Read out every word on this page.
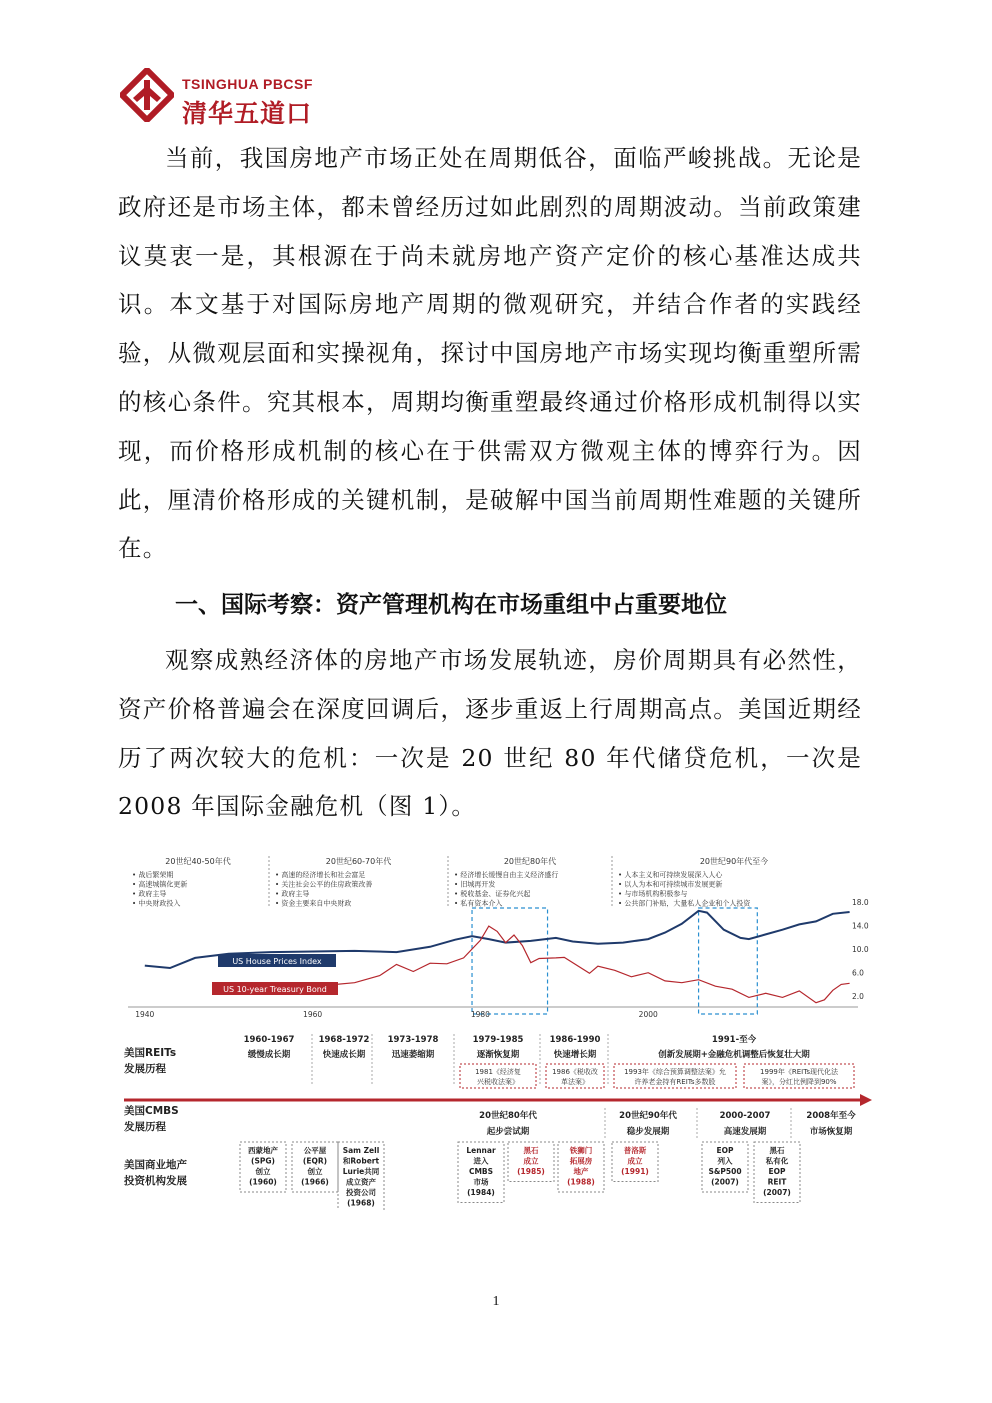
TSINGHUA PBCSF
清华五道口

当前，我国房地产市场正处在周期低谷，面临严峻挑战。无论是政府还是市场主体，都未曾经历过如此剧烈的周期波动。当前政策建议莫衷一是，其根源在于尚未就房地产资产定价的核心基准达成共识。本文基于对国际房地产周期的微观研究，并结合作者的实践经验，从微观层面和实操视角，探讨中国房地产市场实现均衡重塑所需的核心条件。究其根本，周期均衡重塑最终通过价格形成机制得以实现，而价格形成机制的核心在于供需双方微观主体的博弈行为。因此，厘清价格形成的关键机制，是破解中国当前周期性难题的关键所在。

一、国际考察：资产管理机构在市场重组中占重要地位

观察成熟经济体的房地产市场发展轨迹，房价周期具有必然性，资产价格普遍会在深度回调后，逐步重返上行周期高点。美国近期经历了两次较大的危机：一次是 20 世纪 80 年代储贷危机，一次是 2008 年国际金融危机（图 1）。

20世纪40-50年代
• 战后繁荣期
• 高速城镇化更新
• 政府主导
• 中央财政投入
20世纪60-70年代
• 高速的经济增长和社会富足
• 关注社会公平的住房政策改善
• 政府主导
• 资金主要来自中央财政
20世纪80年代
• 经济增长缓慢自由主义经济盛行
• 旧城再开发
• 税收基金、证券化兴起
• 私有资本介入
20世纪90年代至今
• 人本主义和可持续发展深入人心
• 以人为本和可持续城市发展更新
• 与市场机构积极参与
• 公共部门补贴，大量私人企业和个人投资
US House Prices Index
US 10-year Treasury Bond
1940	1960	1980	2000
18.0
14.0
10.0
6.0
2.0
美国REITs
发展历程
美国CMBS
发展历程
美国商业地产
投资机构发展
1960-1967
缓慢成长期
1968-1972
快速成长期
1973-1978
迅速萎缩期
1979-1985
逐渐恢复期
1981《经济复
兴税收法案》
1986-1990
快速增长期
1986《税收改
革法案》
1991-至今
创新发展期+金融危机调整后恢复壮大期
1993年《综合预算调整法案》允
许养老金持有REITs多数股
1999年《REITs现代化法
案》，分红比例降到90%
20世纪80年代
起步尝试期
20世纪90年代
稳步发展期
2000-2007
高速发展期
2008年至今
市场恢复期
西蒙地产
(SPG)
创立
(1960)
公平屋
(EQR)
创立
(1966)
Sam Zell
和Robert
Lurie共同
成立资产
投资公司
(1968)
Lennar
进入
CMBS
市场
(1984)
黑石
成立
(1985)
铁狮门
拓展房
地产
(1988)
普洛斯
成立
(1991)
EOP
列入
S&P500
(2007)
黑石
私有化
EOP
REIT
(2007)
1
